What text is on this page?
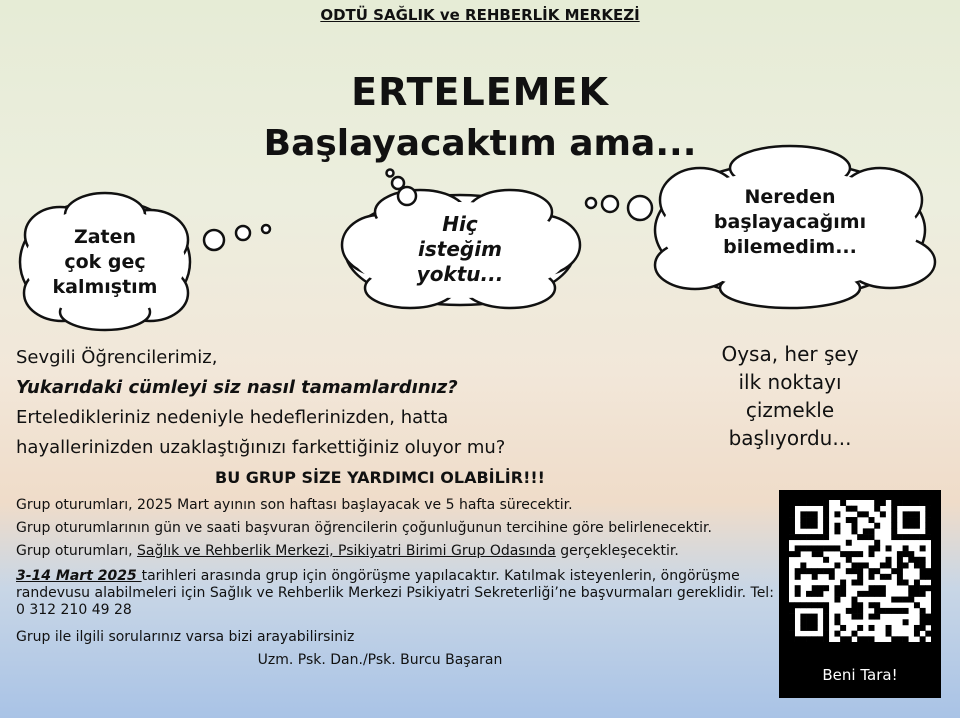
ODTÜ SAĞLIK ve REHBERLİK MERKEZİ
ERTELEMEK
Başlayacaktım ama...
Zaten
çok geç
kalmıştım
Hiç
isteğim
yoktu...
Nereden
başlayacağımı
bilemedim...
Oysa, her şey
ilk noktayı
çizmekle
başlıyordu...
Sevgili Öğrencilerimiz,
Yukarıdaki cümleyi siz nasıl tamamlardınız?
Erteledikleriniz nedeniyle hedeflerinizden, hatta
hayallerinizden uzaklaştığınızı farkettiğiniz oluyor mu?
BU GRUP SİZE YARDIMCI OLABİLİR!!!
Grup oturumları, 2025 Mart ayının son haftası başlayacak ve 5 hafta sürecektir.
Grup oturumlarının gün ve saati başvuran öğrencilerin çoğunluğunun tercihine göre belirlenecektir.
Grup oturumları, Sağlık ve Rehberlik Merkezi, Psikiyatri Birimi Grup Odasında gerçekleşecektir.
3-14 Mart 2025 tarihleri arasında grup için öngörüşme yapılacaktır. Katılmak isteyenlerin, öngörüşme randevusu alabilmeleri için Sağlık ve Rehberlik Merkezi Psikiyatri Sekreterliği’ne başvurmaları gereklidir. Tel: 0 312 210 49 28
Grup ile ilgili sorularınız varsa bizi arayabilirsiniz
Uzm. Psk. Dan./Psk. Burcu Başaran
Beni Tara!
